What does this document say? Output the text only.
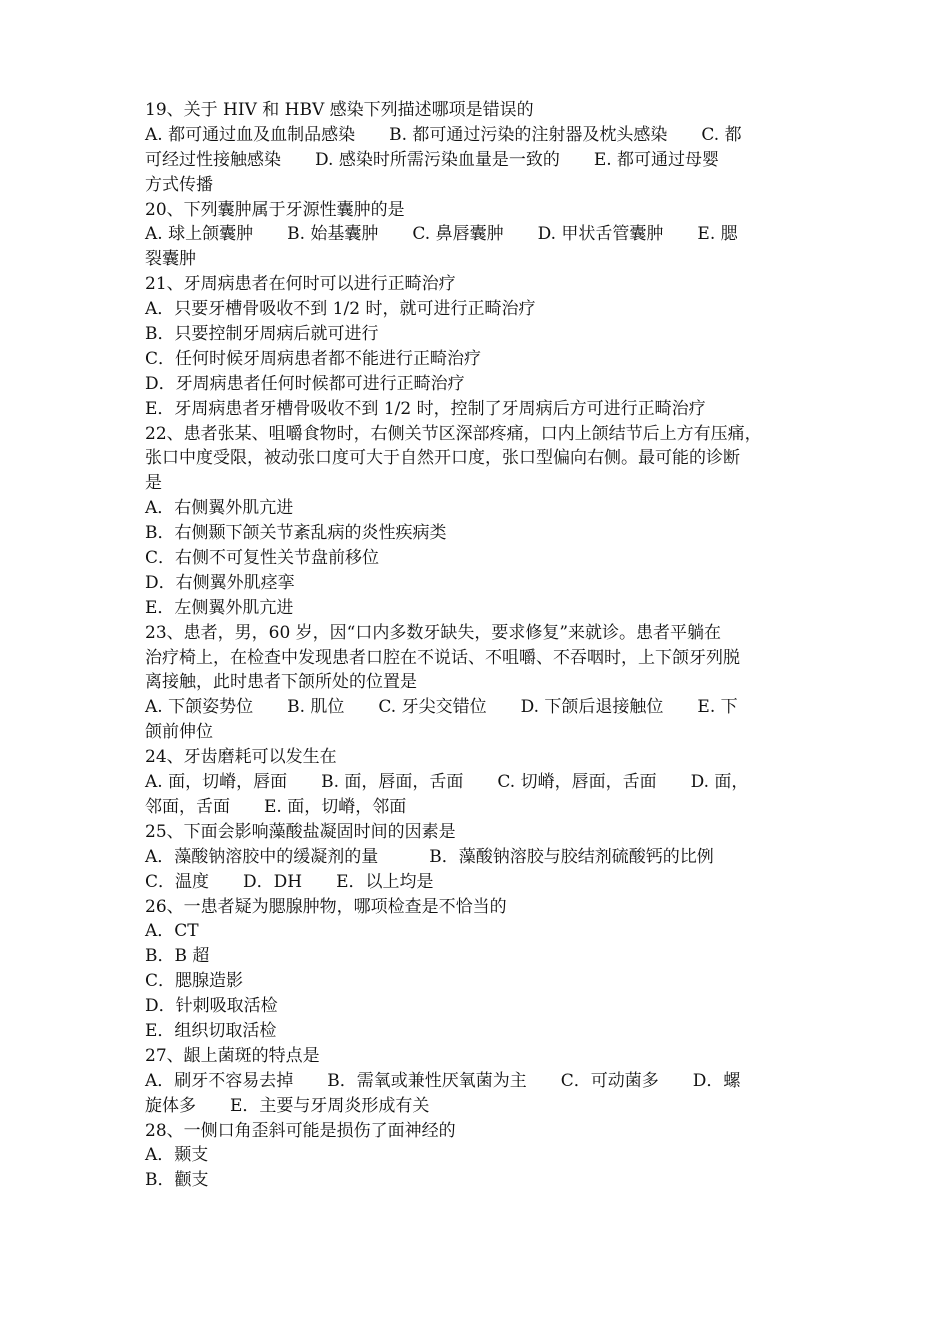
19、关于 HIV 和 HBV 感染下列描述哪项是错误的
A. 都可通过血及血制品感染　　B. 都可通过污染的注射器及枕头感染　　C. 都
可经过性接触感染　　D. 感染时所需污染血量是一致的　　E. 都可通过母婴
方式传播
20、下列囊肿属于牙源性囊肿的是
A. 球上颌囊肿　　B. 始基囊肿　　C. 鼻唇囊肿　　D. 甲状舌管囊肿　　E. 腮
裂囊肿
21、牙周病患者在何时可以进行正畸治疗
A．只要牙槽骨吸收不到 1/2 时，就可进行正畸治疗
B．只要控制牙周病后就可进行
C．任何时候牙周病患者都不能进行正畸治疗
D．牙周病患者任何时候都可进行正畸治疗
E．牙周病患者牙槽骨吸收不到 1/2 时，控制了牙周病后方可进行正畸治疗
22、患者张某、咀嚼食物时，右侧关节区深部疼痛，口内上颌结节后上方有压痛，
张口中度受限，被动张口度可大于自然开口度，张口型偏向右侧。最可能的诊断
是
A．右侧翼外肌亢进
B．右侧颞下颌关节紊乱病的炎性疾病类
C．右侧不可复性关节盘前移位
D．右侧翼外肌痉挛
E．左侧翼外肌亢进
23、患者，男，60 岁，因“口内多数牙缺失，要求修复”来就诊。患者平躺在
治疗椅上，在检查中发现患者口腔在不说话、不咀嚼、不吞咽时，上下颌牙列脱
离接触，此时患者下颌所处的位置是
A. 下颌姿势位　　B. 肌位　　C. 牙尖交错位　　D. 下颌后退接触位　　E. 下
颌前伸位
24、牙齿磨耗可以发生在
A. 面，切嵴，唇面　　B. 面，唇面，舌面　　C. 切嵴，唇面，舌面　　D. 面，
邻面，舌面　　E. 面，切嵴，邻面
25、下面会影响藻酸盐凝固时间的因素是
A．藻酸钠溶胶中的缓凝剂的量　　　B．藻酸钠溶胶与胶结剂硫酸钙的比例
C．温度　　D．DH　　E．以上均是
26、一患者疑为腮腺肿物，哪项检查是不恰当的
A．CT
B．B 超
C．腮腺造影
D．针刺吸取活检
E．组织切取活检
27、龈上菌斑的特点是
A．刷牙不容易去掉　　B．需氧或兼性厌氧菌为主　　C．可动菌多　　D．螺
旋体多　　E．主要与牙周炎形成有关
28、一侧口角歪斜可能是损伤了面神经的
A．颞支
B．颧支
